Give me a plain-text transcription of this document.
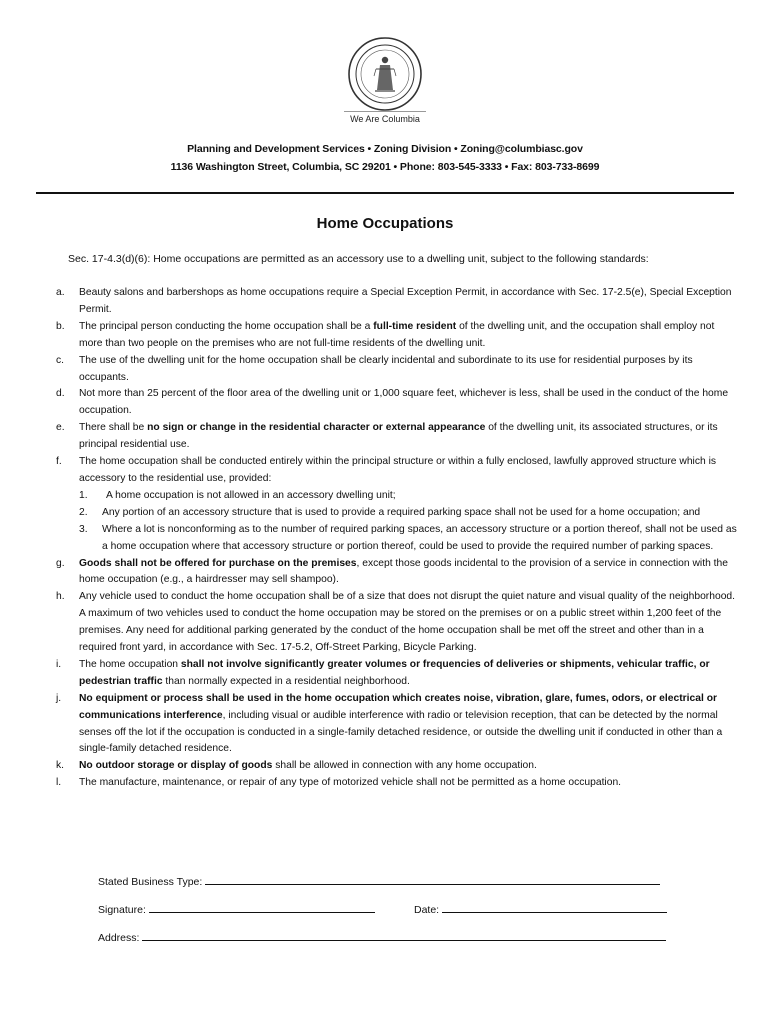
We Are Columbia
Planning and Development Services • Zoning Division • Zoning@columbiasc.gov
1136 Washington Street, Columbia, SC 29201 • Phone: 803-545-3333 • Fax: 803-733-8699
Home Occupations
Sec. 17-4.3(d)(6): Home occupations are permitted as an accessory use to a dwelling unit, subject to the following standards:
a. Beauty salons and barbershops as home occupations require a Special Exception Permit, in accordance with Sec. 17-2.5(e), Special Exception Permit.
b. The principal person conducting the home occupation shall be a full-time resident of the dwelling unit, and the occupation shall employ not more than two people on the premises who are not full-time residents of the dwelling unit.
c. The use of the dwelling unit for the home occupation shall be clearly incidental and subordinate to its use for residential purposes by its occupants.
d. Not more than 25 percent of the floor area of the dwelling unit or 1,000 square feet, whichever is less, shall be used in the conduct of the home occupation.
e. There shall be no sign or change in the residential character or external appearance of the dwelling unit, its associated structures, or its principal residential use.
f. The home occupation shall be conducted entirely within the principal structure or within a fully enclosed, lawfully approved structure which is accessory to the residential use, provided:
1.	A home occupation is not allowed in an accessory dwelling unit;
2. Any portion of an accessory structure that is used to provide a required parking space shall not be used for a home occupation; and
3. Where a lot is nonconforming as to the number of required parking spaces, an accessory structure or a portion thereof, shall not be used as a home occupation where that accessory structure or portion thereof, could be used to provide the required number of parking spaces.
g. Goods shall not be offered for purchase on the premises, except those goods incidental to the provision of a service in connection with the home occupation (e.g., a hairdresser may sell shampoo).
h. Any vehicle used to conduct the home occupation shall be of a size that does not disrupt the quiet nature and visual quality of the neighborhood. A maximum of two vehicles used to conduct the home occupation may be stored on the premises or on a public street within 1,200 feet of the premises. Any need for additional parking generated by the conduct of the home occupation shall be met off the street and other than in a required front yard, in accordance with Sec. 17-5.2, Off-Street Parking, Bicycle Parking.
i. The home occupation shall not involve significantly greater volumes or frequencies of deliveries or shipments, vehicular traffic, or pedestrian traffic than normally expected in a residential neighborhood.
j. No equipment or process shall be used in the home occupation which creates noise, vibration, glare, fumes, odors, or electrical or communications interference, including visual or audible interference with radio or television reception, that can be detected by the normal senses off the lot if the occupation is conducted in a single-family detached residence, or outside the dwelling unit if conducted in other than a single-family detached residence.
k. No outdoor storage or display of goods shall be allowed in connection with any home occupation.
l. The manufacture, maintenance, or repair of any type of motorized vehicle shall not be permitted as a home occupation.
Stated Business Type:
Signature:	Date:
Address:
